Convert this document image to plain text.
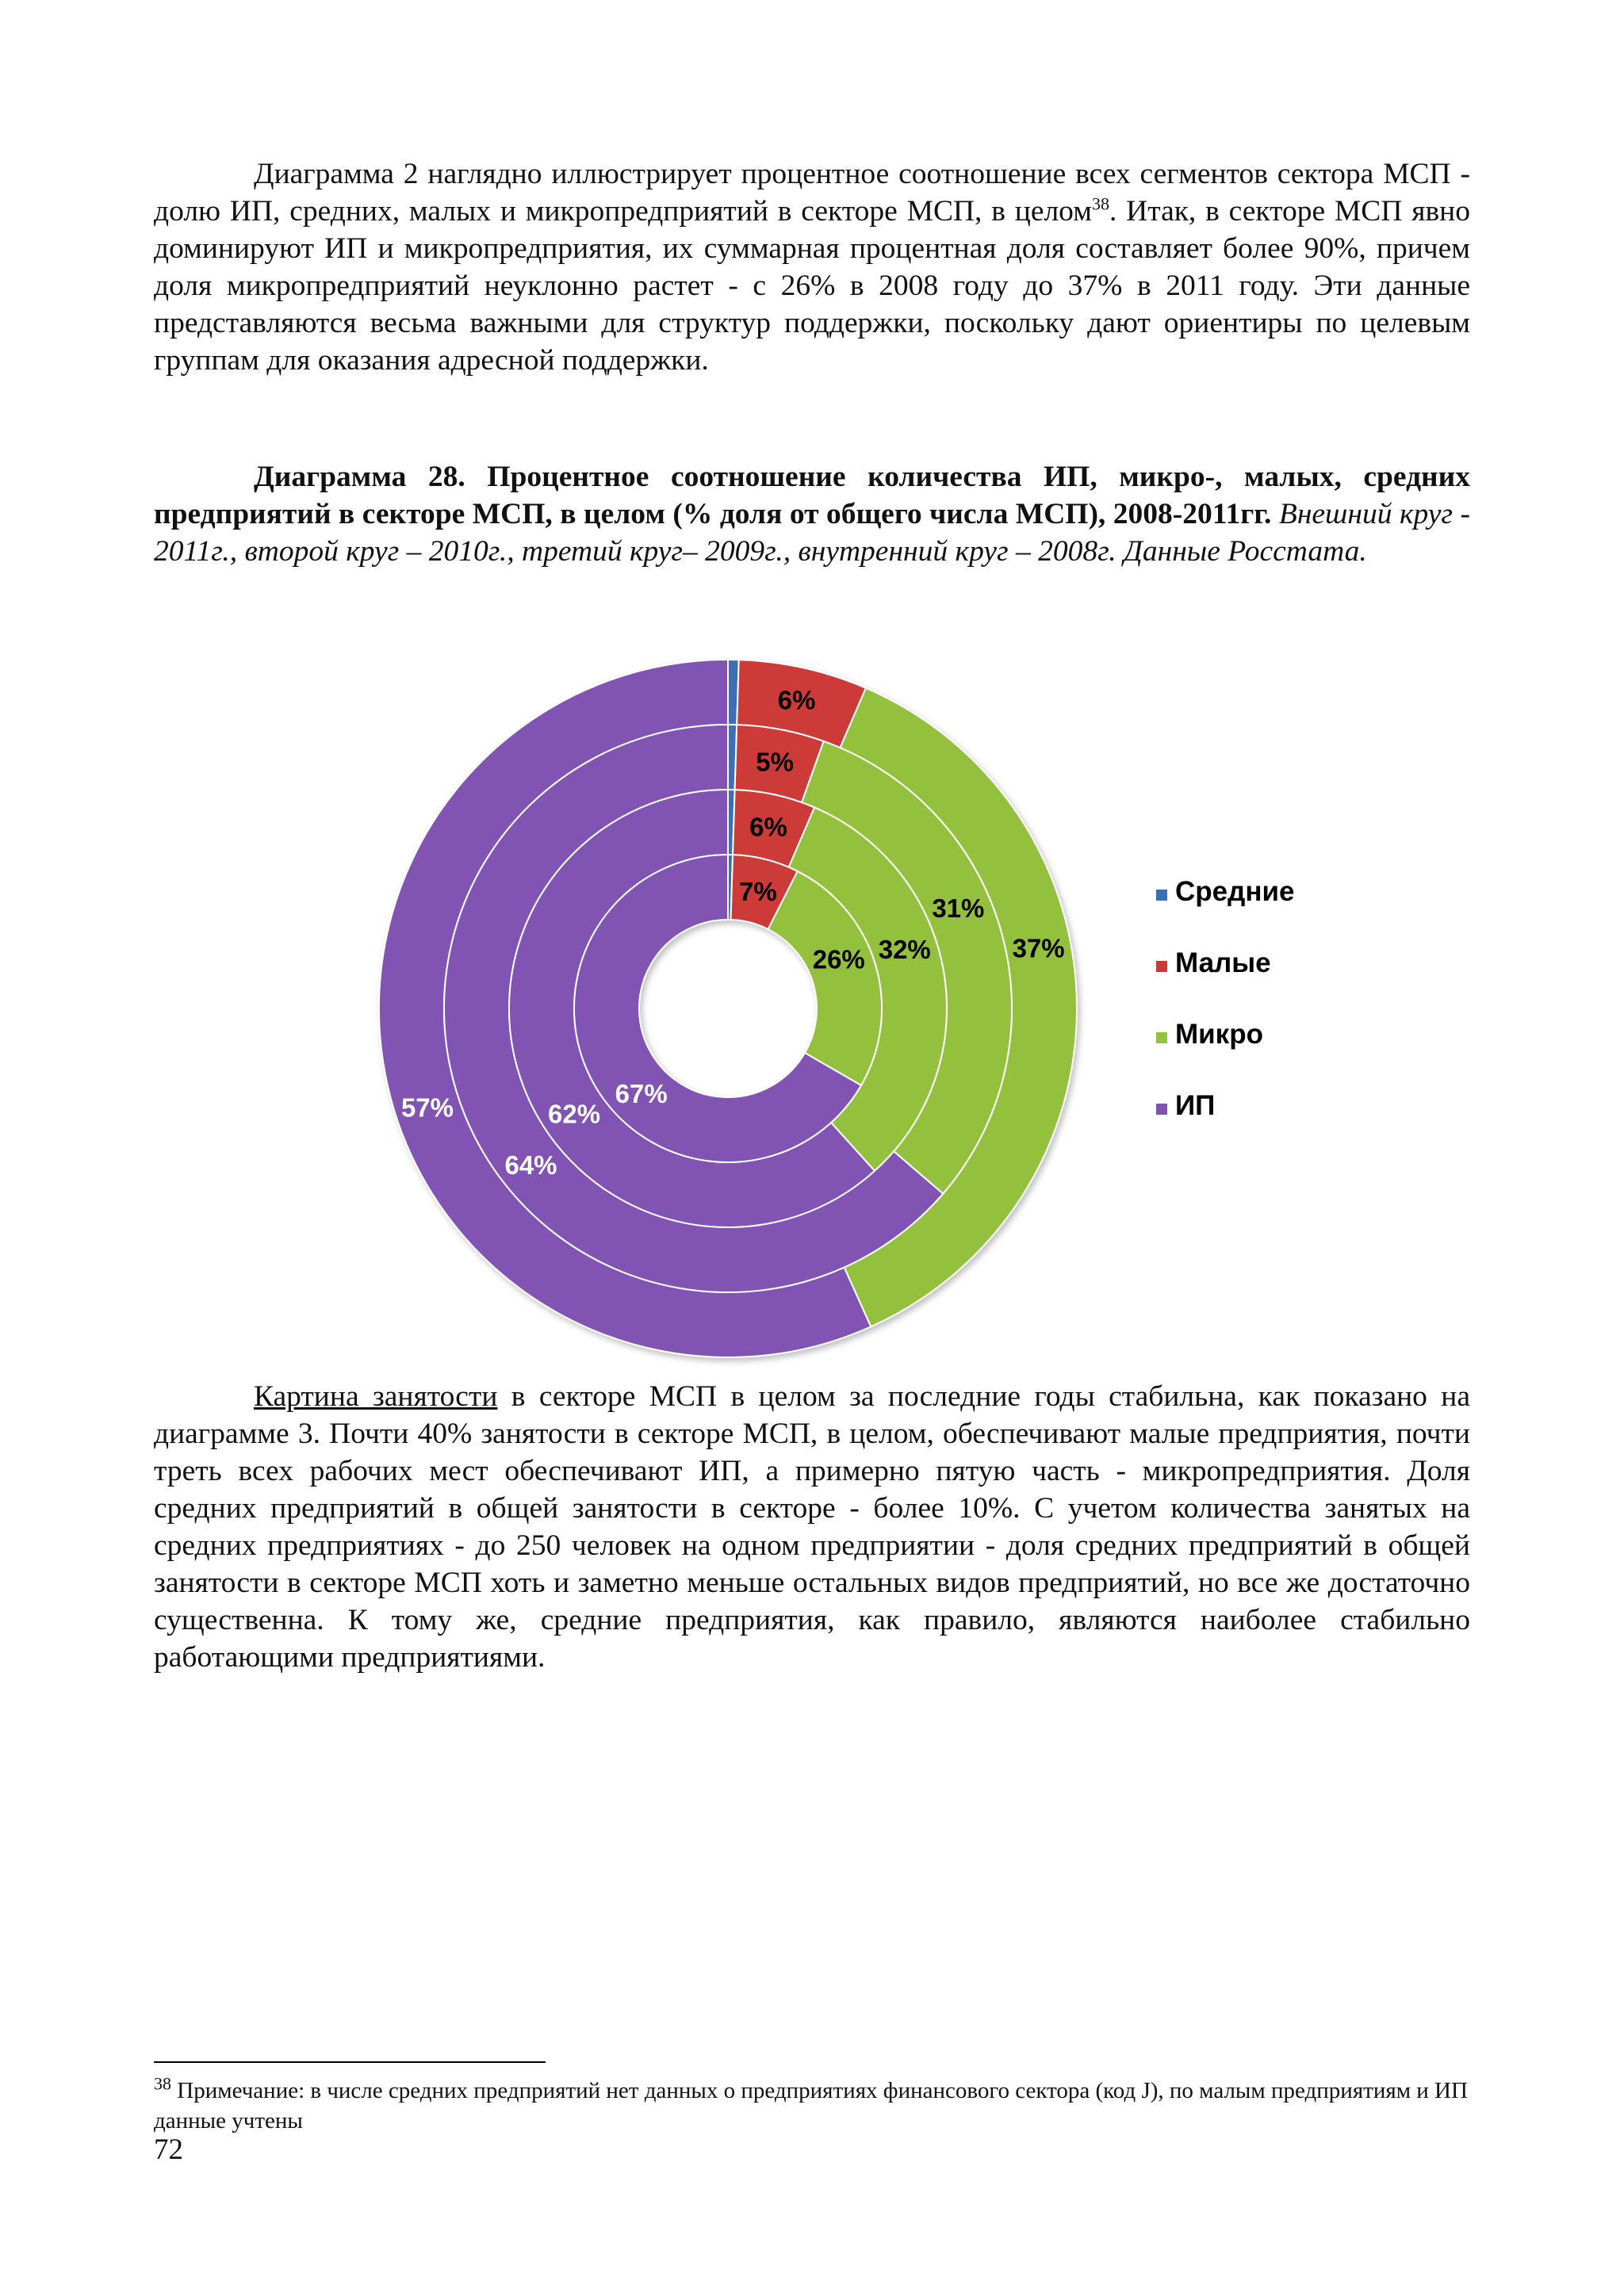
Диаграмма 2 наглядно иллюстрирует процентное соотношение всех сегментов сектора МСП - долю ИП, средних, малых и микропредприятий в секторе МСП, в целом$^{38}$. Итак, в секторе МСП явно доминируют ИП и микропредприятия, их суммарная процентная доля составляет более 90%, причем доля микропредприятий неуклонно растет - с 26% в 2008 году до 37% в 2011 году. Эти данные представляются весьма важными для структур поддержки, поскольку дают ориентиры по целевым группам для оказания адресной поддержки.
Диаграмма 28. Процентное соотношение количества ИП, микро-, малых, средних предприятий в секторе МСП, в целом (% доля от общего числа МСП), 2008-2011гг. Внешний круг - 2011г., второй круг – 2010г., третий круг– 2009г., внутренний круг – 2008г. Данные Росстата.
6%
37%
57%
5%
31%
64%
6%
32%
62%
7%
26%
67%
Средние
Малые
Микро
ИП
Картина занятости в секторе МСП в целом за последние годы стабильна, как показано на диаграмме 3. Почти 40% занятости в секторе МСП, в целом, обеспечивают малые предприятия, почти треть всех рабочих мест обеспечивают ИП, а примерно пятую часть - микропредприятия. Доля средних предприятий в общей занятости в секторе - более 10%. С учетом количества занятых на средних предприятиях - до 250 человек на одном предприятии - доля средних предприятий в общей занятости в секторе МСП хоть и заметно меньше остальных видов предприятий, но все же достаточно существенна. К тому же, средние предприятия, как правило, являются наиболее стабильно работающими предприятиями.
$^{38}$ Примечание: в числе средних предприятий нет данных о предприятиях финансового сектора (код J), по малым предприятиям и ИП данные учтены
72
